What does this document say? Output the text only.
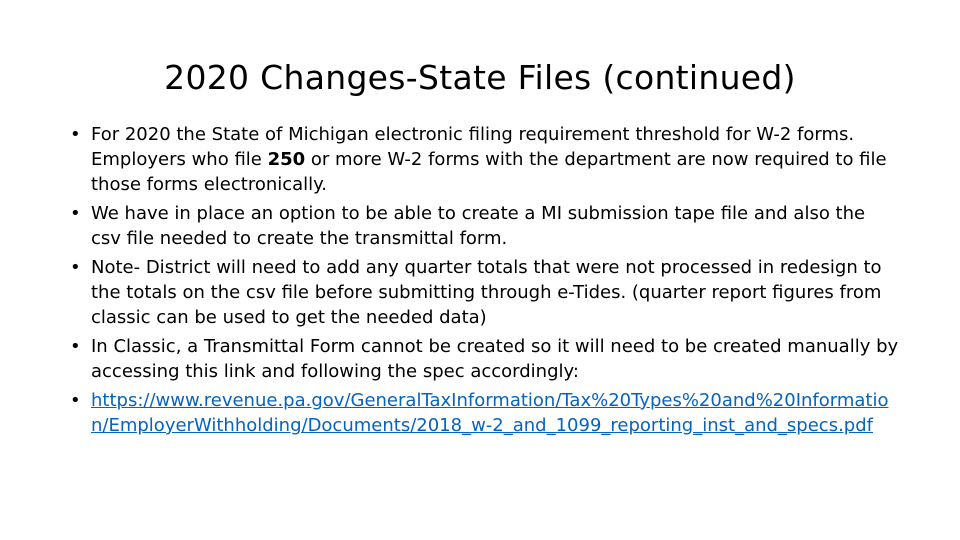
2020 Changes-State Files (continued)
• For 2020 the State of Michigan electronic filing requirement threshold for W-2 forms. Employers who file 250 or more W-2 forms with the department are now required to file those forms electronically.
• We have in place an option to be able to create a MI submission tape file and also the csv file needed to create the transmittal form.
• Note- District will need to add any quarter totals that were not processed in redesign to the totals on the csv file before submitting through e-Tides. (quarter report figures from classic can be used to get the needed data)
• In Classic, a Transmittal Form cannot be created so it will need to be created manually by accessing this link and following the spec accordingly:
• https://www.revenue.pa.gov/GeneralTaxInformation/Tax%20Types%20and%20Information/EmployerWithholding/Documents/2018_w-2_and_1099_reporting_inst_and_specs.pdf
